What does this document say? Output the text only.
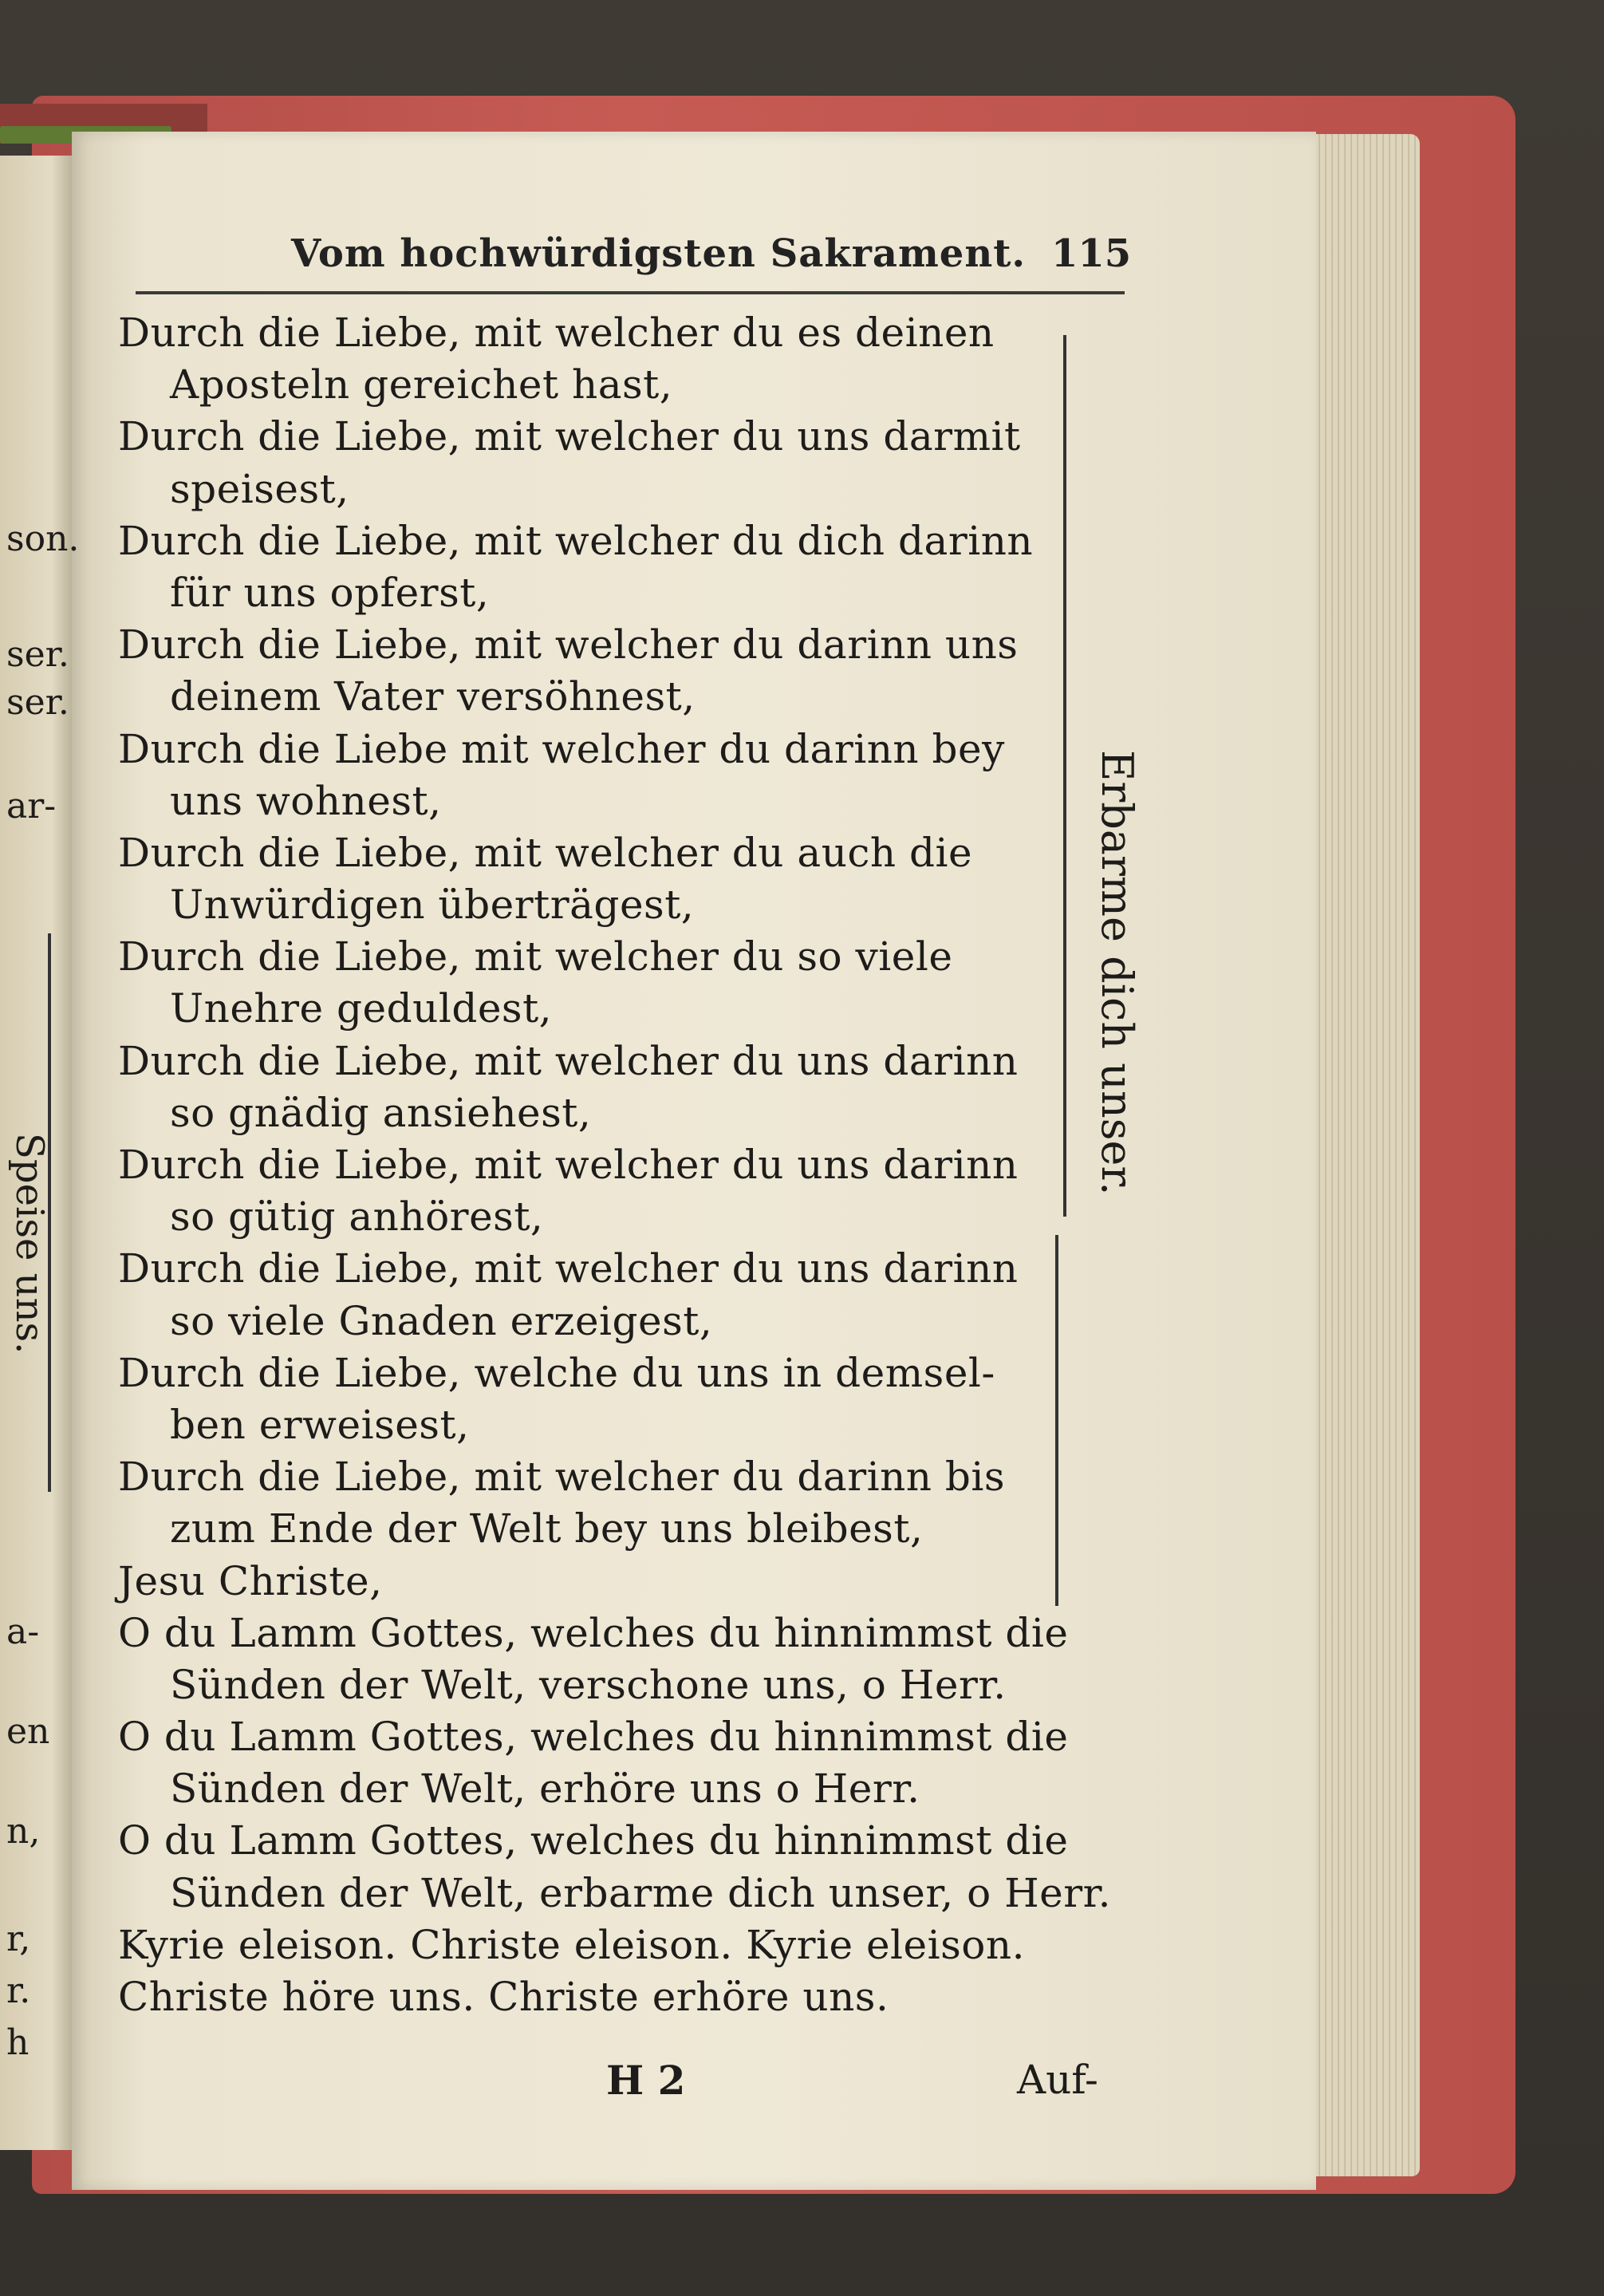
Vom hochwürdigsten Sakrament. 115
Durch die Liebe, mit welcher du es deinen
Aposteln gereichet hast,
Durch die Liebe, mit welcher du uns darmit
speisest,
Durch die Liebe, mit welcher du dich darinn
für uns opferst,
Durch die Liebe, mit welcher du darinn uns
deinem Vater versöhnest,
Durch die Liebe mit welcher du darinn bey
uns wohnest,
Durch die Liebe, mit welcher du auch die
Unwürdigen überträgest,
Durch die Liebe, mit welcher du so viele
Unehre geduldest,
Durch die Liebe, mit welcher du uns darinn
so gnädig ansiehest,
Durch die Liebe, mit welcher du uns darinn
so gütig anhörest,
Durch die Liebe, mit welcher du uns darinn
so viele Gnaden erzeigest,
Durch die Liebe, welche du uns in demsel-
ben erweisest,
Durch die Liebe, mit welcher du darinn bis
zum Ende der Welt bey uns bleibest,
Jesu Christe,
O du Lamm Gottes, welches du hinnimmst die
Sünden der Welt, verschone uns, o Herr.
O du Lamm Gottes, welches du hinnimmst die
Sünden der Welt, erhöre uns o Herr.
O du Lamm Gottes, welches du hinnimmst die
Sünden der Welt, erbarme dich unser, o Herr.
Kyrie eleison. Christe eleison. Kyrie eleison.
Christe höre uns. Christe erhöre uns.
Erbarme dich unser.
H 2	Auf-
Speise uns.
son.
ser.
ser.
ar-
a-
en
n,
r,
r.
h
